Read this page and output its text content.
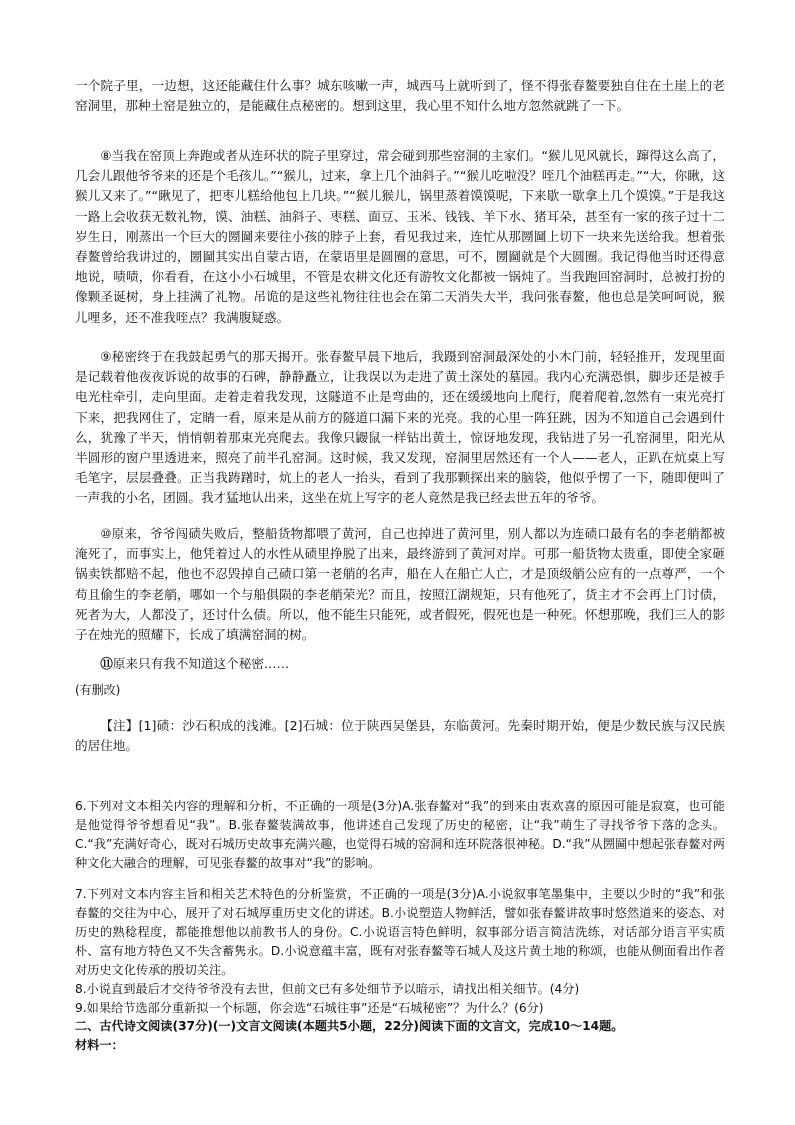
一个院子里，一边想，这还能藏住什么事？城东咳嗽一声，城西马上就听到了，怪不得张春鳌要独自住在土崖上的老窑洞里，那种土窑是独立的，是能藏住点秘密的。想到这里，我心里不知什么地方忽然就跳了一下。

⑧当我在窑顶上奔跑或者从连环状的院子里穿过，常会碰到那些窑洞的主家们。“猴儿见风就长，蹿得这么高了，几会儿跟他爷爷来的还是个毛孩儿。”“猴儿，过来，拿上几个油斜子。”“猴儿吃啦没？咥几个油糕再走。”“大，你瞅，这猴儿又来了。”“瞅见了，把枣儿糕给他包上几块。”“猴儿猴儿，锅里蒸着馍馍呢，下来歇一歇拿上几个馍馍。”于是我这一路上会收获无数礼物，馍、油糕、油斜子、枣糕、面豆、玉米、钱钱、羊下水、猪耳朵，甚至有一家的孩子过十二岁生日，刚蒸出一个巨大的圐圙来要往小孩的脖子上套，看见我过来，连忙从那圐圙上切下一块来先送给我。想着张春鳌曾给我讲过的，圐圙其实出自蒙古语，在蒙语里是圆圈的意思，可不，圐圙就是个大圆圈。我记得他当时还得意地说，啧啧，你看看，在这小小石城里，不管是农耕文化还有游牧文化都被一锅炖了。当我跑回窑洞时，总被打扮的像颗圣诞树，身上挂满了礼物。吊诡的是这些礼物往往也会在第二天消失大半，我问张春鳌，他也总是笑呵呵说，猴儿哩多，还不准我咥点？我满腹疑惑。

⑨秘密终于在我鼓起勇气的那天揭开。张春鳌早晨下地后，我蹑到窑洞最深处的小木门前，轻轻推开，发现里面是记载着他夜夜诉说的故事的石碑，静静矗立，让我误以为走进了黄土深处的墓园。我内心充满恐惧，脚步还是被手电光柱牵引，走向里面。走着走着我发现，这隧道不止是弯曲的，还在缓缓地向上爬行，爬着爬着,忽然有一束光亮打下来，把我网住了，定睛一看，原来是从前方的隧道口漏下来的光亮。我的心里一阵狂跳，因为不知道自己会遇到什么，犹豫了半天，悄悄朝着那束光亮爬去。我像只鼹鼠一样钻出黄土，惊讶地发现，我钻进了另一孔窑洞里，阳光从半圆形的窗户里透进来，照亮了前半孔窑洞。这时候，我又发现，窑洞里居然还有一个人——老人，正趴在炕桌上写毛笔字，层层叠叠。正当我踌躇时，炕上的老人一抬头，看到了我那颗探出来的脑袋，他似乎愣了一下，随即便叫了一声我的小名，团圆。我才猛地认出来，这坐在炕上写字的老人竟然是我已经去世五年的爷爷。

⑩原来，爷爷闯碛失败后，整船货物都喂了黄河，自己也掉进了黄河里，别人都以为连碛口最有名的李老艄都被淹死了，而事实上，他凭着过人的水性从碛里挣脱了出来，最终游到了黄河对岸。可那一船货物太贵重，即使全家砸锅卖铁都赔不起，他也不忍毁掉自己碛口第一老艄的名声，船在人在船亡人亡，才是顶级艄公应有的一点尊严，一个苟且偷生的李老艄，哪如一个与船俱陨的李老艄荣光？而且，按照江湖规矩，只有他死了，货主才不会再上门讨债，死者为大，人都没了，还讨什么债。所以，他不能生只能死，或者假死，假死也是一种死。怀想那晚，我们三人的影子在烛光的照耀下，长成了填满窑洞的树。

⑪原来只有我不知道这个秘密……

(有删改)

【注】[1]碛：沙石积成的浅滩。[2]石城：位于陕西吴堡县，东临黄河。先秦时期开始，便是少数民族与汉民族的居住地。

6.下列对文本相关内容的理解和分析，不正确的一项是(3分)A.张春鳌对“我”的到来由衷欢喜的原因可能是寂寞，也可能是他觉得爷爷想看见“我”。B.张春鳌装满故事，他讲述自己发现了历史的秘密，让“我”萌生了寻找爷爷下落的念头。C.“我”充满好奇心，既对石城历史故事充满兴趣，也觉得石城的窑洞和连环院落很神秘。D.“我”从圐圙中想起张春鳌对两种文化大融合的理解，可见张春鳌的故事对“我”的影响。

7.下列对文本内容主旨和相关艺术特色的分析鉴赏，不正确的一项是(3分)A.小说叙事笔墨集中，主要以少时的“我”和张春鳌的交往为中心，展开了对石城厚重历史文化的讲述。B.小说塑造人物鲜活，譬如张春鳌讲故事时悠然道来的姿态、对历史的熟稔程度，都能推想他以前教书人的身份。C.小说语言特色鲜明，叙事部分语言简洁洗练，对话部分语言平实质朴、富有地方特色又不失含蓄隽永。D.小说意蕴丰富，既有对张春鳌等石城人及这片黄土地的称颂，也能从侧面看出作者对历史文化传承的殷切关注。

8.小说直到最后才交待爷爷没有去世，但前文已有多处细节予以暗示，请找出相关细节。(4分)

9.如果给节选部分重新拟一个标题，你会选“石城往事”还是“石城秘密”？为什么？(6分)

二、古代诗文阅读(37分)(一)文言文阅读(本题共5小题，22分)阅读下面的文言文，完成10～14题。

材料一：
